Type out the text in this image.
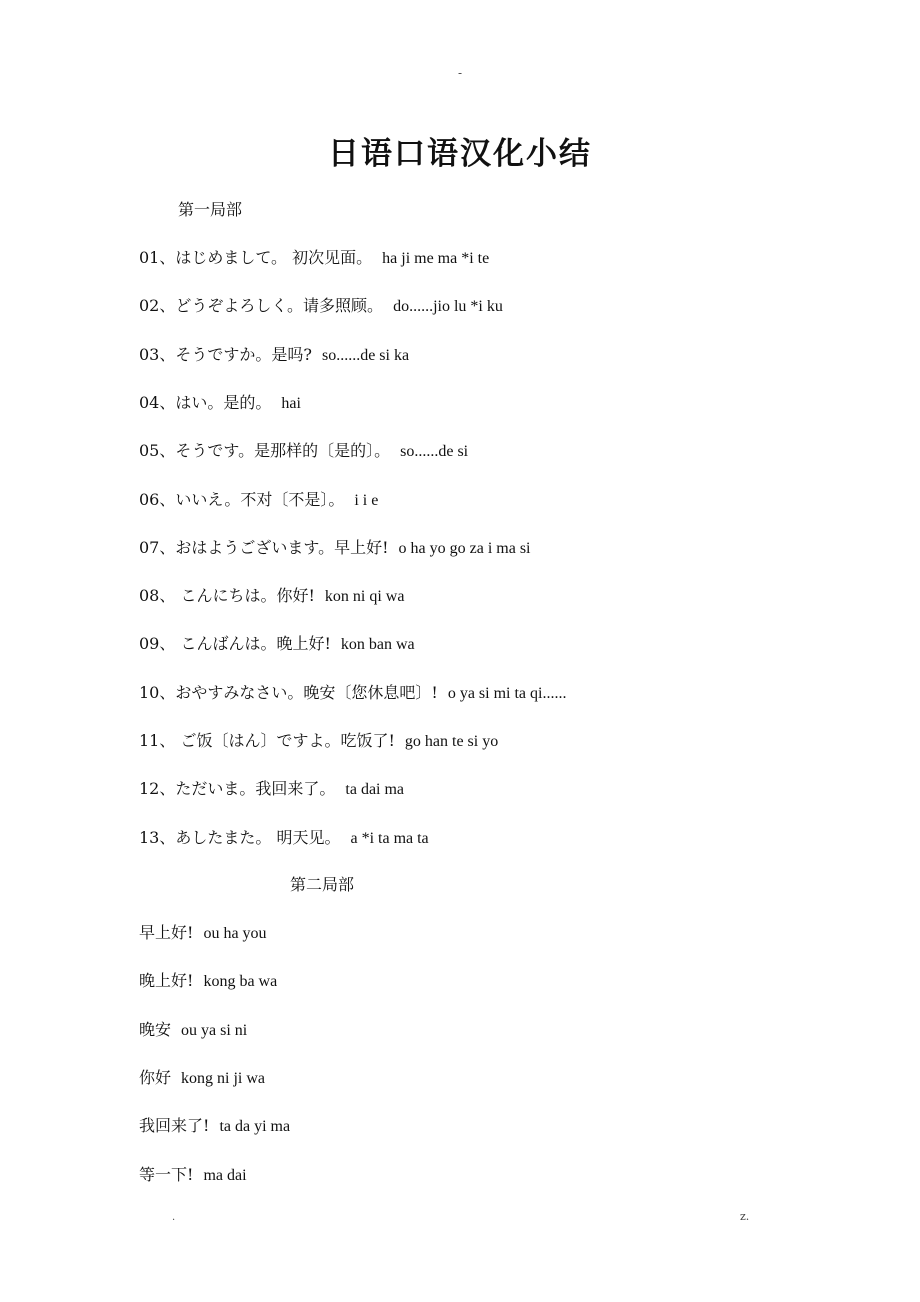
-
日语口语汉化小结
第一局部
01、はじめまして。 初次见面。 ha ji me ma *i te
02、どうぞよろしく。请多照顾。 do......jio lu *i ku
03、そうですか。是吗? so......de si ka
04、はい。是的。 hai
05、そうです。是那样的〔是的〕。 so......de si
06、いいえ。不对〔不是〕。 i i e
07、おはようございます。早上好! o ha yo go za i ma si
08、 こんにちは。你好! kon ni qi wa
09、 こんばんは。晚上好! kon ban wa
10、おやすみなさい。晚安〔您休息吧〕! o ya si mi ta qi......
11、 ご饭〔はん〕ですよ。吃饭了! go han te si yo
12、ただいま。我回来了。 ta dai ma
13、あしたまた。 明天见。 a *i ta ma ta
第二局部
早上好! ou ha you
晚上好! kong ba wa
晚安 ou ya si ni
你好 kong ni ji wa
我回来了! ta da yi ma
等一下! ma dai
.	z.
